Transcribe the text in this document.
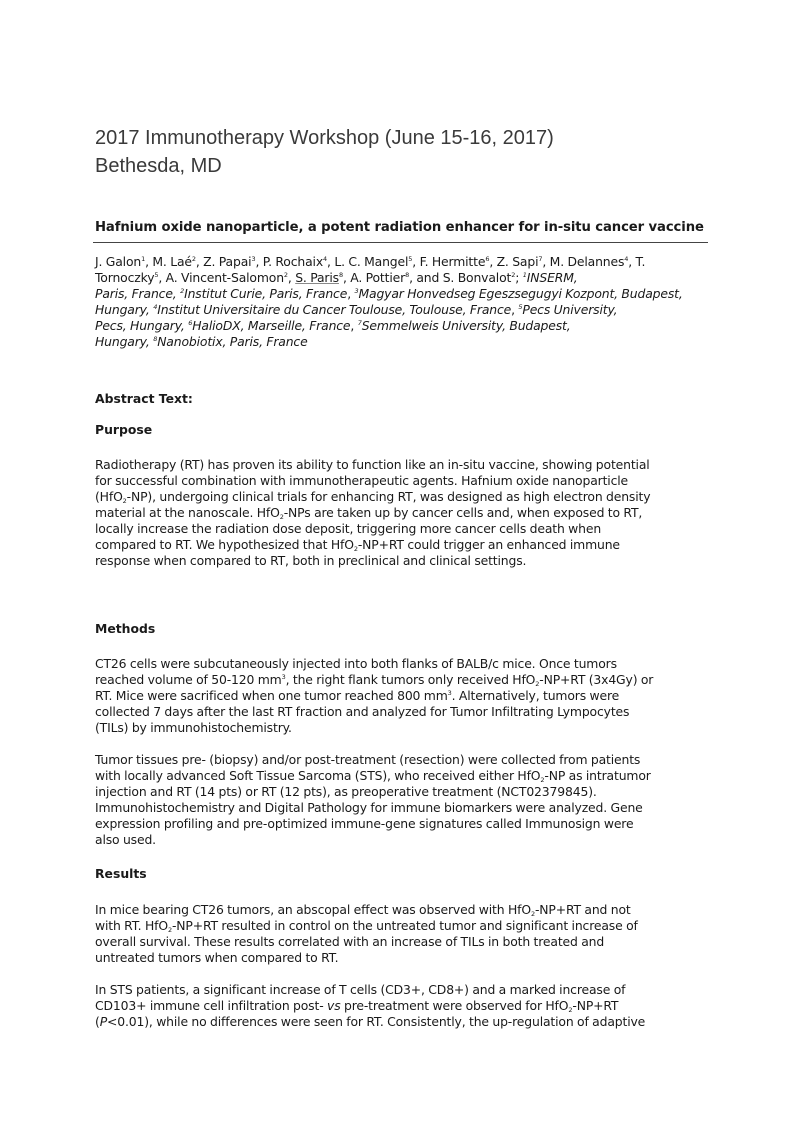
2017 Immunotherapy Workshop (June 15-16, 2017)
Bethesda, MD
Hafnium oxide nanoparticle, a potent radiation enhancer for in-situ cancer vaccine
J. Galon$^1$, M. Laé$^2$, Z. Papai$^3$, P. Rochaix$^4$, L. C. Mangel$^5$, F. Hermitte$^6$, Z. Sapi$^7$, M. Delannes$^4$, T.
Tornoczky$^5$, A. Vincent-Salomon$^2$, S. Paris$^8$, A. Pottier$^8$, and S. Bonvalot$^2$; $^1$INSERM,
Paris, France, $^2$Institut Curie, Paris, France, $^3$Magyar Honvedseg Egeszsegugyi Kozpont, Budapest,
Hungary, $^4$Institut Universitaire du Cancer Toulouse, Toulouse, France, $^5$Pecs University,
Pecs, Hungary, $^6$HalioDX, Marseille, France, $^7$Semmelweis University, Budapest,
Hungary, $^8$Nanobiotix, Paris, France
Abstract Text:
Purpose
Radiotherapy (RT) has proven its ability to function like an in-situ vaccine, showing potential
for successful combination with immunotherapeutic agents. Hafnium oxide nanoparticle
(HfO$_2$-NP), undergoing clinical trials for enhancing RT, was designed as high electron density
material at the nanoscale. HfO$_2$-NPs are taken up by cancer cells and, when exposed to RT,
locally increase the radiation dose deposit, triggering more cancer cells death when
compared to RT. We hypothesized that HfO$_2$-NP+RT could trigger an enhanced immune
response when compared to RT, both in preclinical and clinical settings.
Methods
CT26 cells were subcutaneously injected into both flanks of BALB/c mice. Once tumors
reached volume of 50-120 $mm^3$, the right flank tumors only received HfO$_2$-NP+RT (3x4Gy) or
RT. Mice were sacrificed when one tumor reached 800 $mm^3$. Alternatively, tumors were
collected 7 days after the last RT fraction and analyzed for Tumor Infiltrating Lympocytes
(TILs) by immunohistochemistry.
Tumor tissues pre- (biopsy) and/or post-treatment (resection) were collected from patients
with locally advanced Soft Tissue Sarcoma (STS), who received either HfO$_2$-NP as intratumor
injection and RT (14 pts) or RT (12 pts), as preoperative treatment (NCT02379845).
Immunohistochemistry and Digital Pathology for immune biomarkers were analyzed. Gene
expression profiling and pre-optimized immune-gene signatures called Immunosign were
also used.
Results
In mice bearing CT26 tumors, an abscopal effect was observed with HfO$_2$-NP+RT and not
with RT. HfO$_2$-NP+RT resulted in control on the untreated tumor and significant increase of
overall survival. These results correlated with an increase of TILs in both treated and
untreated tumors when compared to RT.
In STS patients, a significant increase of T cells (CD3+, CD8+) and a marked increase of
CD103+ immune cell infiltration post- vs pre-treatment were observed for HfO$_2$-NP+RT
(P<0.01), while no differences were seen for RT. Consistently, the up-regulation of adaptive
